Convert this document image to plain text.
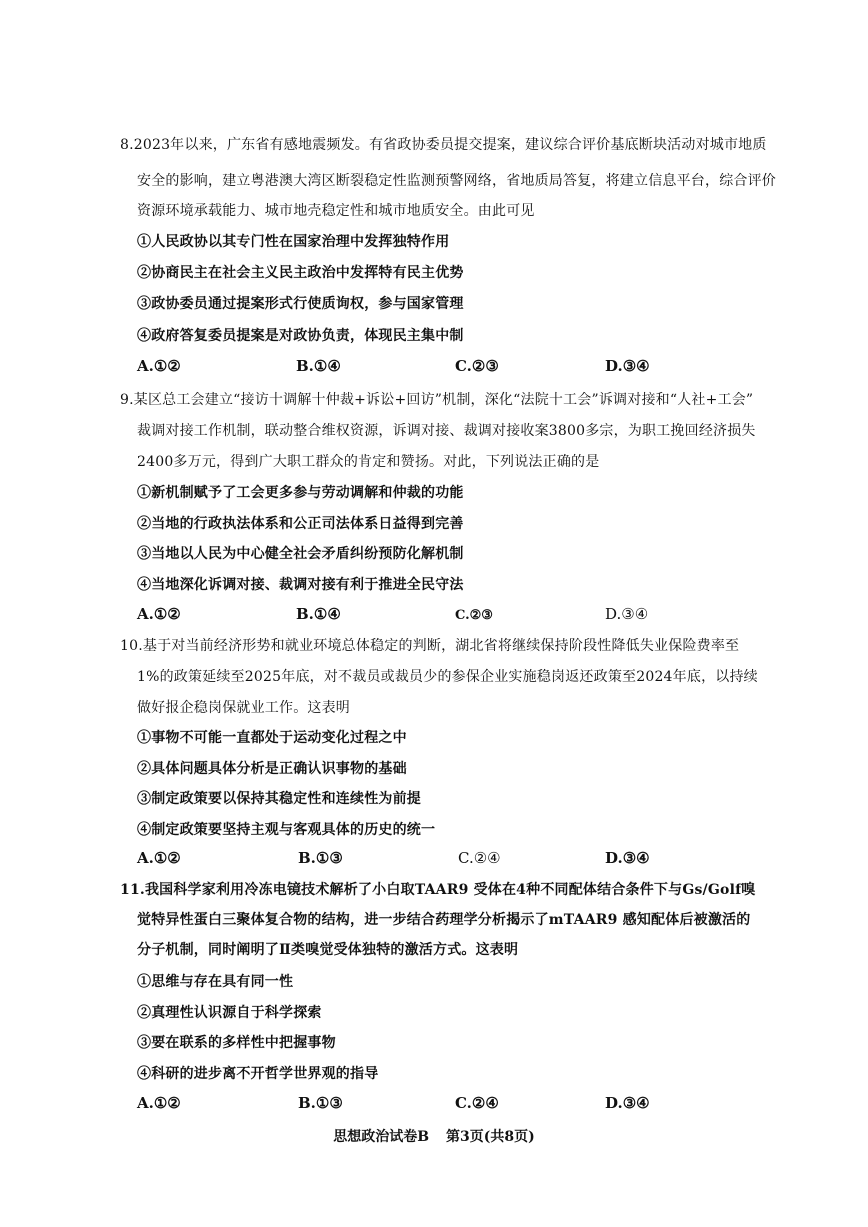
8.2023年以来，广东省有感地震频发。有省政协委员提交提案，建议综合评价基底断块活动对城市地质
安全的影响，建立粤港澳大湾区断裂稳定性监测预警网络，省地质局答复，将建立信息平台，综合评价
资源环境承载能力、城市地壳稳定性和城市地质安全。由此可见
①人民政协以其专门性在国家治理中发挥独特作用
②协商民主在社会主义民主政治中发挥特有民主优势
③政协委员通过提案形式行使质询权，参与国家管理
④政府答复委员提案是对政协负责，体现民主集中制
A.①②	B.①④	C.②③	D.③④
9.某区总工会建立“接访十调解十仲裁+诉讼+回访”机制，深化“法院十工会”诉调对接和“人社+工会”
裁调对接工作机制，联动整合维权资源，诉调对接、裁调对接收案3800多宗，为职工挽回经济损失
2400多万元，得到广大职工群众的肯定和赞扬。对此，下列说法正确的是
①新机制赋予了工会更多参与劳动调解和仲裁的功能
②当地的行政执法体系和公正司法体系日益得到完善
③当地以人民为中心健全社会矛盾纠纷预防化解机制
④当地深化诉调对接、裁调对接有利于推进全民守法
A.①②	B.①④	C.②③	D.③④
10.基于对当前经济形势和就业环境总体稳定的判断，湖北省将继续保持阶段性降低失业保险费率至
1%的政策延续至2025年底，对不裁员或裁员少的参保企业实施稳岗返还政策至2024年底，以持续
做好报企稳岗保就业工作。这表明
①事物不可能一直都处于运动变化过程之中
②具体问题具体分析是正确认识事物的基础
③制定政策要以保持其稳定性和连续性为前提
④制定政策要坚持主观与客观具体的历史的统一
A.①②	B.①③	C.②④	D.③④
11.我国科学家利用冷冻电镜技术解析了小白取TAAR9 受体在4种不同配体结合条件下与Gs/Golf嗅
觉特异性蛋白三聚体复合物的结构，进一步结合药理学分析揭示了mTAAR9 感知配体后被激活的
分子机制，同时阐明了Ⅱ类嗅觉受体独特的激活方式。这表明
①思维与存在具有同一性
②真理性认识源自于科学探索
③要在联系的多样性中把握事物
④科研的进步离不开哲学世界观的指导
A.①②	B.①③	C.②④	D.③④
思想政治试卷B 第3页(共8页)
